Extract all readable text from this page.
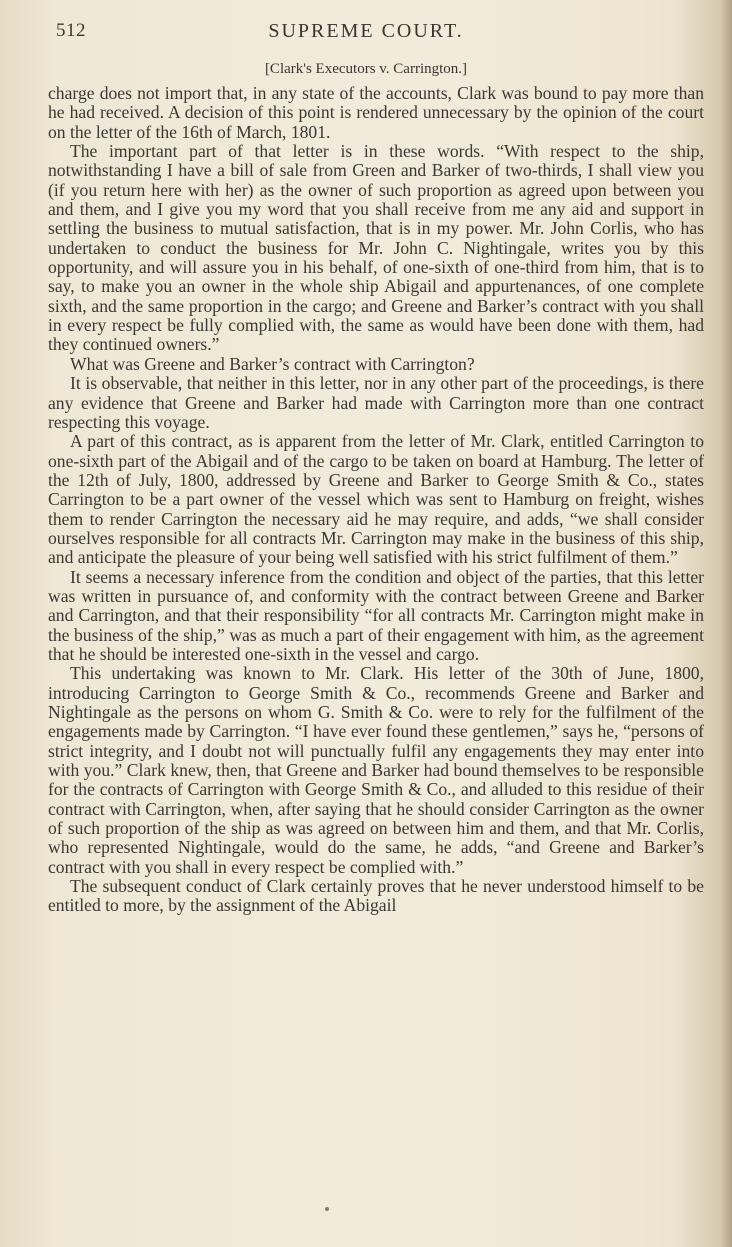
512	SUPREME COURT.
[Clark's Executors v. Carrington.]

charge does not import that, in any state of the accounts, Clark was bound to pay more than he had received. A decision of this point is rendered unnecessary by the opinion of the court on the letter of the 16th of March, 1801.

The important part of that letter is in these words. “With respect to the ship, notwithstanding I have a bill of sale from Green and Barker of two-thirds, I shall view you (if you return here with her) as the owner of such proportion as agreed upon between you and them, and I give you my word that you shall receive from me any aid and support in settling the business to mutual satisfaction, that is in my power. Mr. John Corlis, who has undertaken to conduct the business for Mr. John C. Nightingale, writes you by this opportunity, and will assure you in his behalf, of one-sixth of one-third from him, that is to say, to make you an owner in the whole ship Abigail and appurtenances, of one complete sixth, and the same proportion in the cargo; and Greene and Barker’s contract with you shall in every respect be fully complied with, the same as would have been done with them, had they continued owners.”

What was Greene and Barker’s contract with Carrington?

It is observable, that neither in this letter, nor in any other part of the proceedings, is there any evidence that Greene and Barker had made with Carrington more than one contract respecting this voyage.

A part of this contract, as is apparent from the letter of Mr. Clark, entitled Carrington to one-sixth part of the Abigail and of the cargo to be taken on board at Hamburg. The letter of the 12th of July, 1800, addressed by Greene and Barker to George Smith & Co., states Carrington to be a part owner of the vessel which was sent to Hamburg on freight, wishes them to render Carrington the necessary aid he may require, and adds, “we shall consider ourselves responsible for all contracts Mr. Carrington may make in the business of this ship, and anticipate the pleasure of your being well satisfied with his strict fulfilment of them.”

It seems a necessary inference from the condition and object of the parties, that this letter was written in pursuance of, and conformity with the contract between Greene and Barker and Carrington, and that their responsibility “for all contracts Mr. Carrington might make in the business of the ship,” was as much a part of their engagement with him, as the agreement that he should be interested one-sixth in the vessel and cargo.

This undertaking was known to Mr. Clark. His letter of the 30th of June, 1800, introducing Carrington to George Smith & Co., recommends Greene and Barker and Nightingale as the persons on whom G. Smith & Co. were to rely for the fulfilment of the engagements made by Carrington. “I have ever found these gentlemen,” says he, “persons of strict integrity, and I doubt not will punctually fulfil any engagements they may enter into with you.” Clark knew, then, that Greene and Barker had bound themselves to be responsible for the contracts of Carrington with George Smith & Co., and alluded to this residue of their contract with Carrington, when, after saying that he should consider Carrington as the owner of such proportion of the ship as was agreed on between him and them, and that Mr. Corlis, who represented Nightingale, would do the same, he adds, “and Greene and Barker’s contract with you shall in every respect be complied with.”

The subsequent conduct of Clark certainly proves that he never understood himself to be entitled to more, by the assignment of the Abigail
